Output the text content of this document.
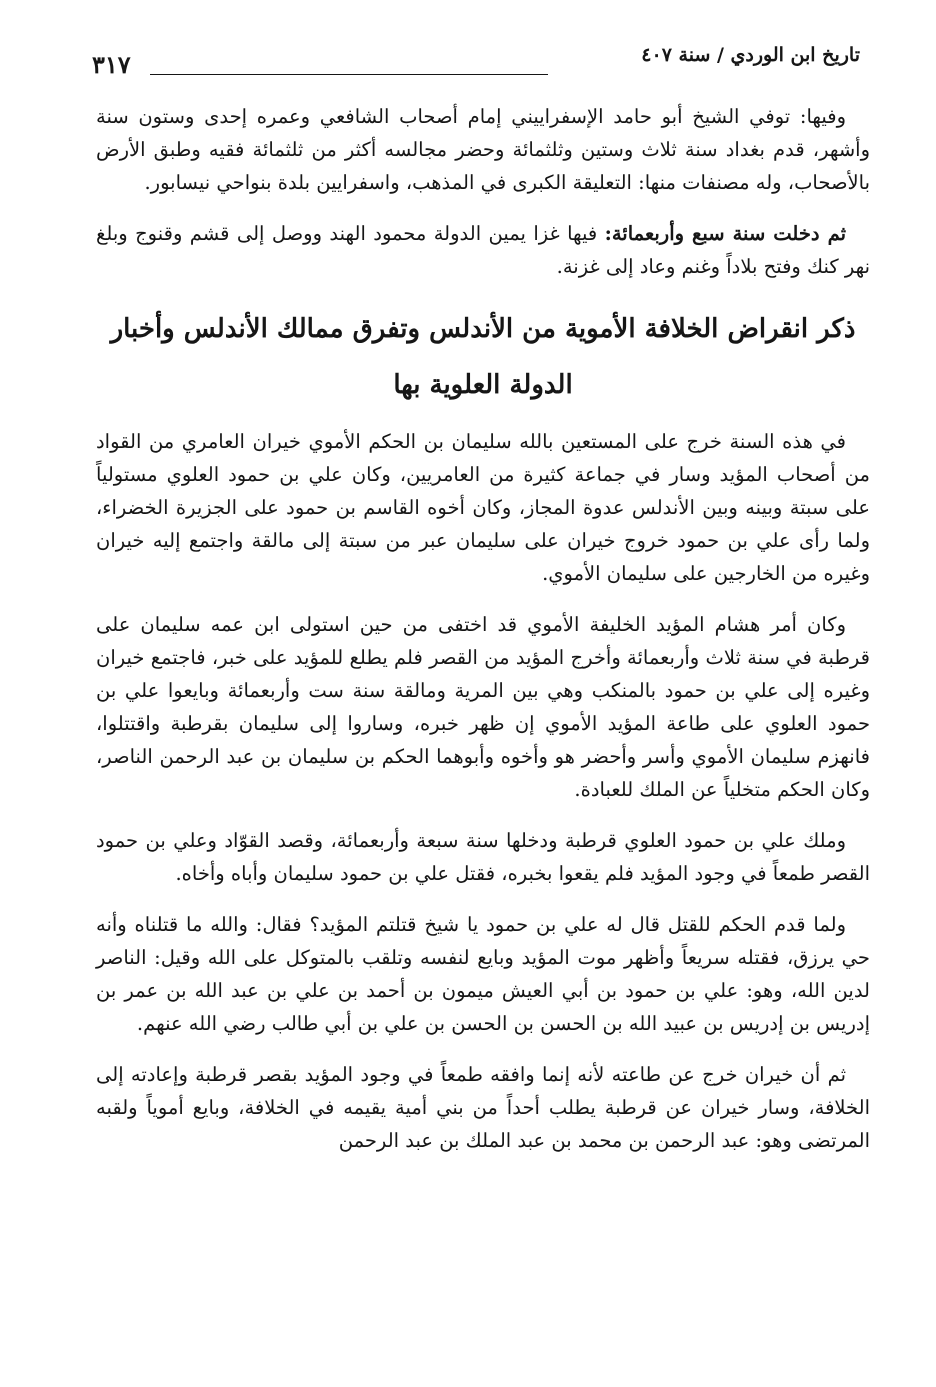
تاريخ ابن الوردي / سنة ٤٠٧
٣١٧

وفيها: توفي الشيخ أبو حامد الإسفراييني إمام أصحاب الشافعي وعمره إحدى وستون سنة وأشهر، قدم بغداد سنة ثلاث وستين وثلثمائة وحضر مجالسه أكثر من ثلثمائة فقيه وطبق الأرض بالأصحاب، وله مصنفات منها: التعليقة الكبرى في المذهب، واسفرايين بلدة بنواحي نيسابور.

ثم دخلت سنة سبع وأربعمائة: فيها غزا يمين الدولة محمود الهند ووصل إلى قشم وقنوج وبلغ نهر كنك وفتح بلاداً وغنم وعاد إلى غزنة.

ذكر انقراض الخلافة الأموية من الأندلس وتفرق ممالك الأندلس وأخبار الدولة العلوية بها

في هذه السنة خرج على المستعين بالله سليمان بن الحكم الأموي خيران العامري من القواد من أصحاب المؤيد وسار في جماعة كثيرة من العامريين، وكان علي بن حمود العلوي مستولياً على سبتة وبينه وبين الأندلس عدوة المجاز، وكان أخوه القاسم بن حمود على الجزيرة الخضراء، ولما رأى علي بن حمود خروج خيران على سليمان عبر من سبتة إلى مالقة واجتمع إليه خيران وغيره من الخارجين على سليمان الأموي.

وكان أمر هشام المؤيد الخليفة الأموي قد اختفى من حين استولى ابن عمه سليمان على قرطبة في سنة ثلاث وأربعمائة وأخرج المؤيد من القصر فلم يطلع للمؤيد على خبر، فاجتمع خيران وغيره إلى علي بن حمود بالمنكب وهي بين المرية ومالقة سنة ست وأربعمائة وبايعوا علي بن حمود العلوي على طاعة المؤيد الأموي إن ظهر خبره، وساروا إلى سليمان بقرطبة واقتتلوا، فانهزم سليمان الأموي وأسر وأحضر هو وأخوه وأبوهما الحكم بن سليمان بن عبد الرحمن الناصر، وكان الحكم متخلياً عن الملك للعبادة.

وملك علي بن حمود العلوي قرطبة ودخلها سنة سبعة وأربعمائة، وقصد القوّاد وعلي بن حمود القصر طمعاً في وجود المؤيد فلم يقعوا بخبره، فقتل علي بن حمود سليمان وأباه وأخاه.

ولما قدم الحكم للقتل قال له علي بن حمود يا شيخ قتلتم المؤيد؟ فقال: والله ما قتلناه وأنه حي يرزق، فقتله سريعاً وأظهر موت المؤيد وبايع لنفسه وتلقب بالمتوكل على الله وقيل: الناصر لدين الله، وهو: علي بن حمود بن أبي العيش ميمون بن أحمد بن علي بن عبد الله بن عمر بن إدريس بن إدريس بن عبيد الله بن الحسن بن الحسن بن علي بن أبي طالب رضي الله عنهم.

ثم أن خيران خرج عن طاعته لأنه إنما وافقه طمعاً في وجود المؤيد بقصر قرطبة وإعادته إلى الخلافة، وسار خيران عن قرطبة يطلب أحداً من بني أمية يقيمه في الخلافة، وبايع أموياً ولقبه المرتضى وهو: عبد الرحمن بن محمد بن عبد الملك بن عبد الرحمن
